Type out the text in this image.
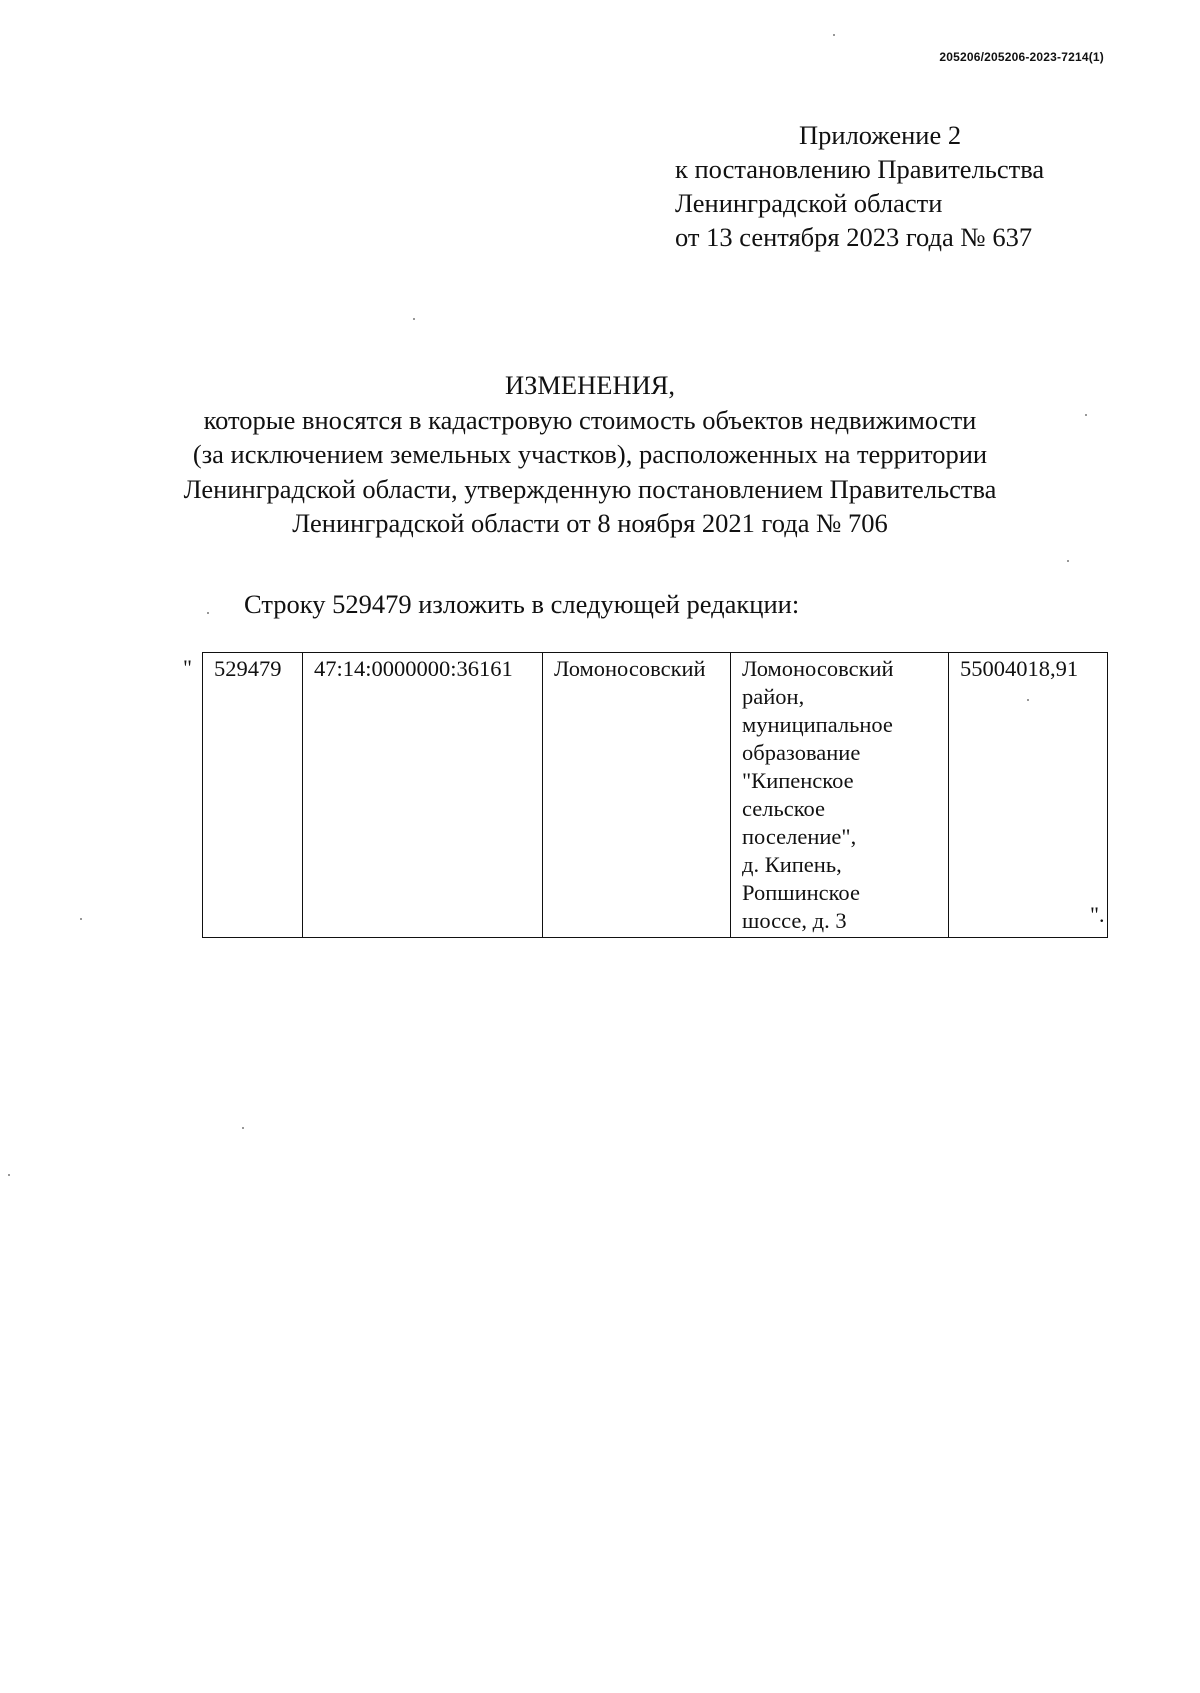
205206/205206-2023-7214(1)
Приложение 2
к постановлению Правительства
Ленинградской области
от 13 сентября 2023 года № 637
ИЗМЕНЕНИЯ,
которые вносятся в кадастровую стоимость объектов недвижимости
(за исключением земельных участков), расположенных на территории
Ленинградской области, утвержденную постановлением Правительства
Ленинградской области от 8 ноября 2021 года № 706
Строку 529479 изложить в следующей редакции:
" 529479	47:14:0000000:36161	Ломоносовский	Ломоносовский
район,
муниципальное
образование
"Кипенское
сельское
поселение",
д. Кипень,
Ропшинское
шоссе, д. 3
	55004018,91
".
